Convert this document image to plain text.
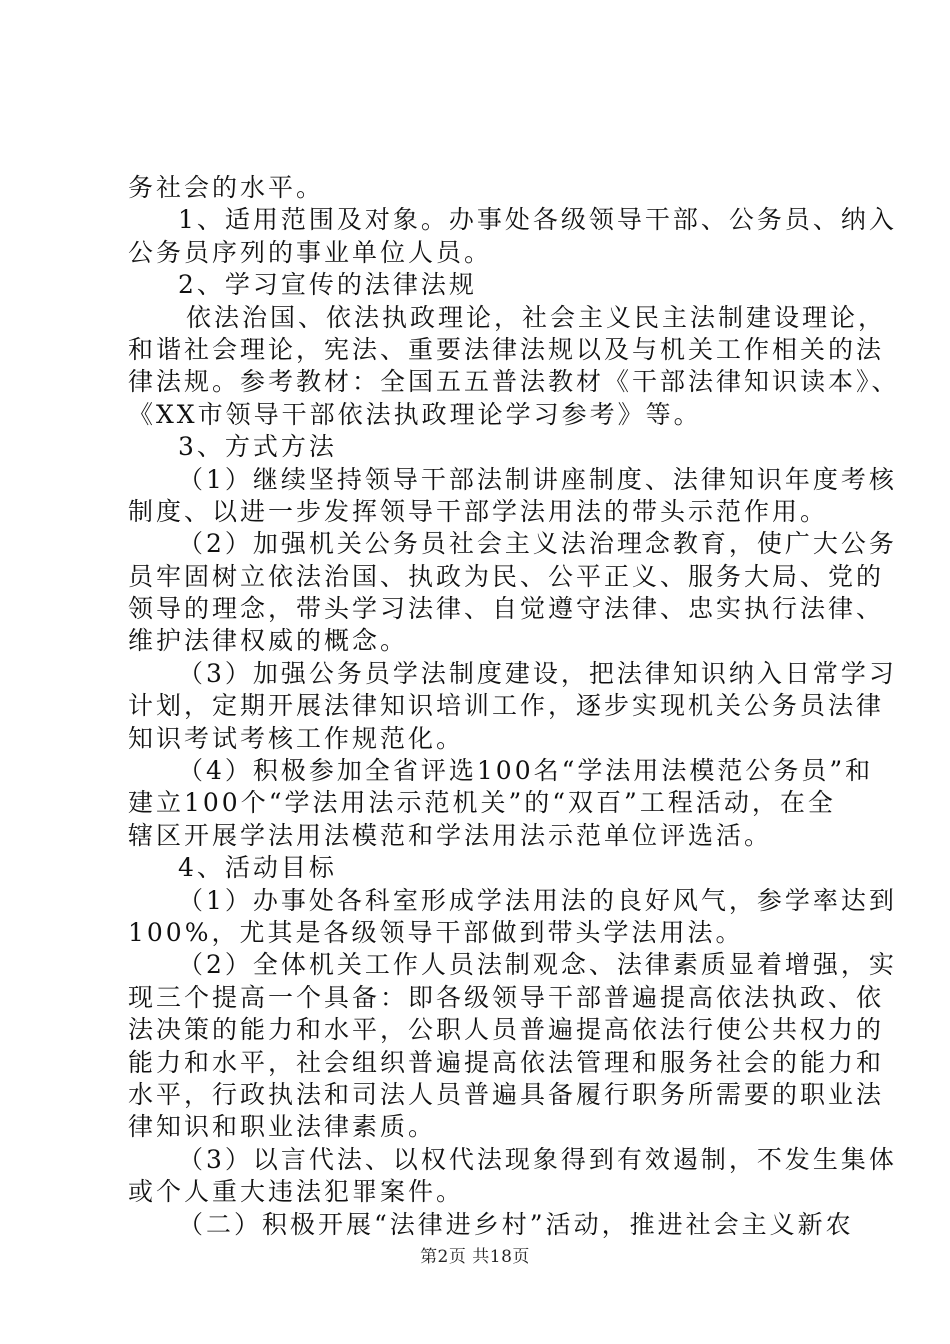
务社会的水平。
1、适用范围及对象。办事处各级领导干部、公务员、纳入
公务员序列的事业单位人员。
2、学习宣传的法律法规
依法治国、依法执政理论，社会主义民主法制建设理论，
和谐社会理论，宪法、重要法律法规以及与机关工作相关的法
律法规。参考教材：全国五五普法教材《干部法律知识读本》、
《XX市领导干部依法执政理论学习参考》等。
3、方式方法
（1）继续坚持领导干部法制讲座制度、法律知识年度考核
制度、以进一步发挥领导干部学法用法的带头示范作用。
（2）加强机关公务员社会主义法治理念教育，使广大公务
员牢固树立依法治国、执政为民、公平正义、服务大局、党的
领导的理念，带头学习法律、自觉遵守法律、忠实执行法律、
维护法律权威的概念。
（3）加强公务员学法制度建设，把法律知识纳入日常学习
计划，定期开展法律知识培训工作，逐步实现机关公务员法律
知识考试考核工作规范化。
（4）积极参加全省评选100名“学法用法模范公务员”和
建立100个“学法用法示范机关”的“双百”工程活动，在全
辖区开展学法用法模范和学法用法示范单位评选活。
4、活动目标
（1）办事处各科室形成学法用法的良好风气，参学率达到
100%，尤其是各级领导干部做到带头学法用法。
（2）全体机关工作人员法制观念、法律素质显着增强，实
现三个提高一个具备：即各级领导干部普遍提高依法执政、依
法决策的能力和水平，公职人员普遍提高依法行使公共权力的
能力和水平，社会组织普遍提高依法管理和服务社会的能力和
水平，行政执法和司法人员普遍具备履行职务所需要的职业法
律知识和职业法律素质。
（3）以言代法、以权代法现象得到有效遏制，不发生集体
或个人重大违法犯罪案件。
（二）积极开展“法律进乡村”活动，推进社会主义新农
第2页 共18页
